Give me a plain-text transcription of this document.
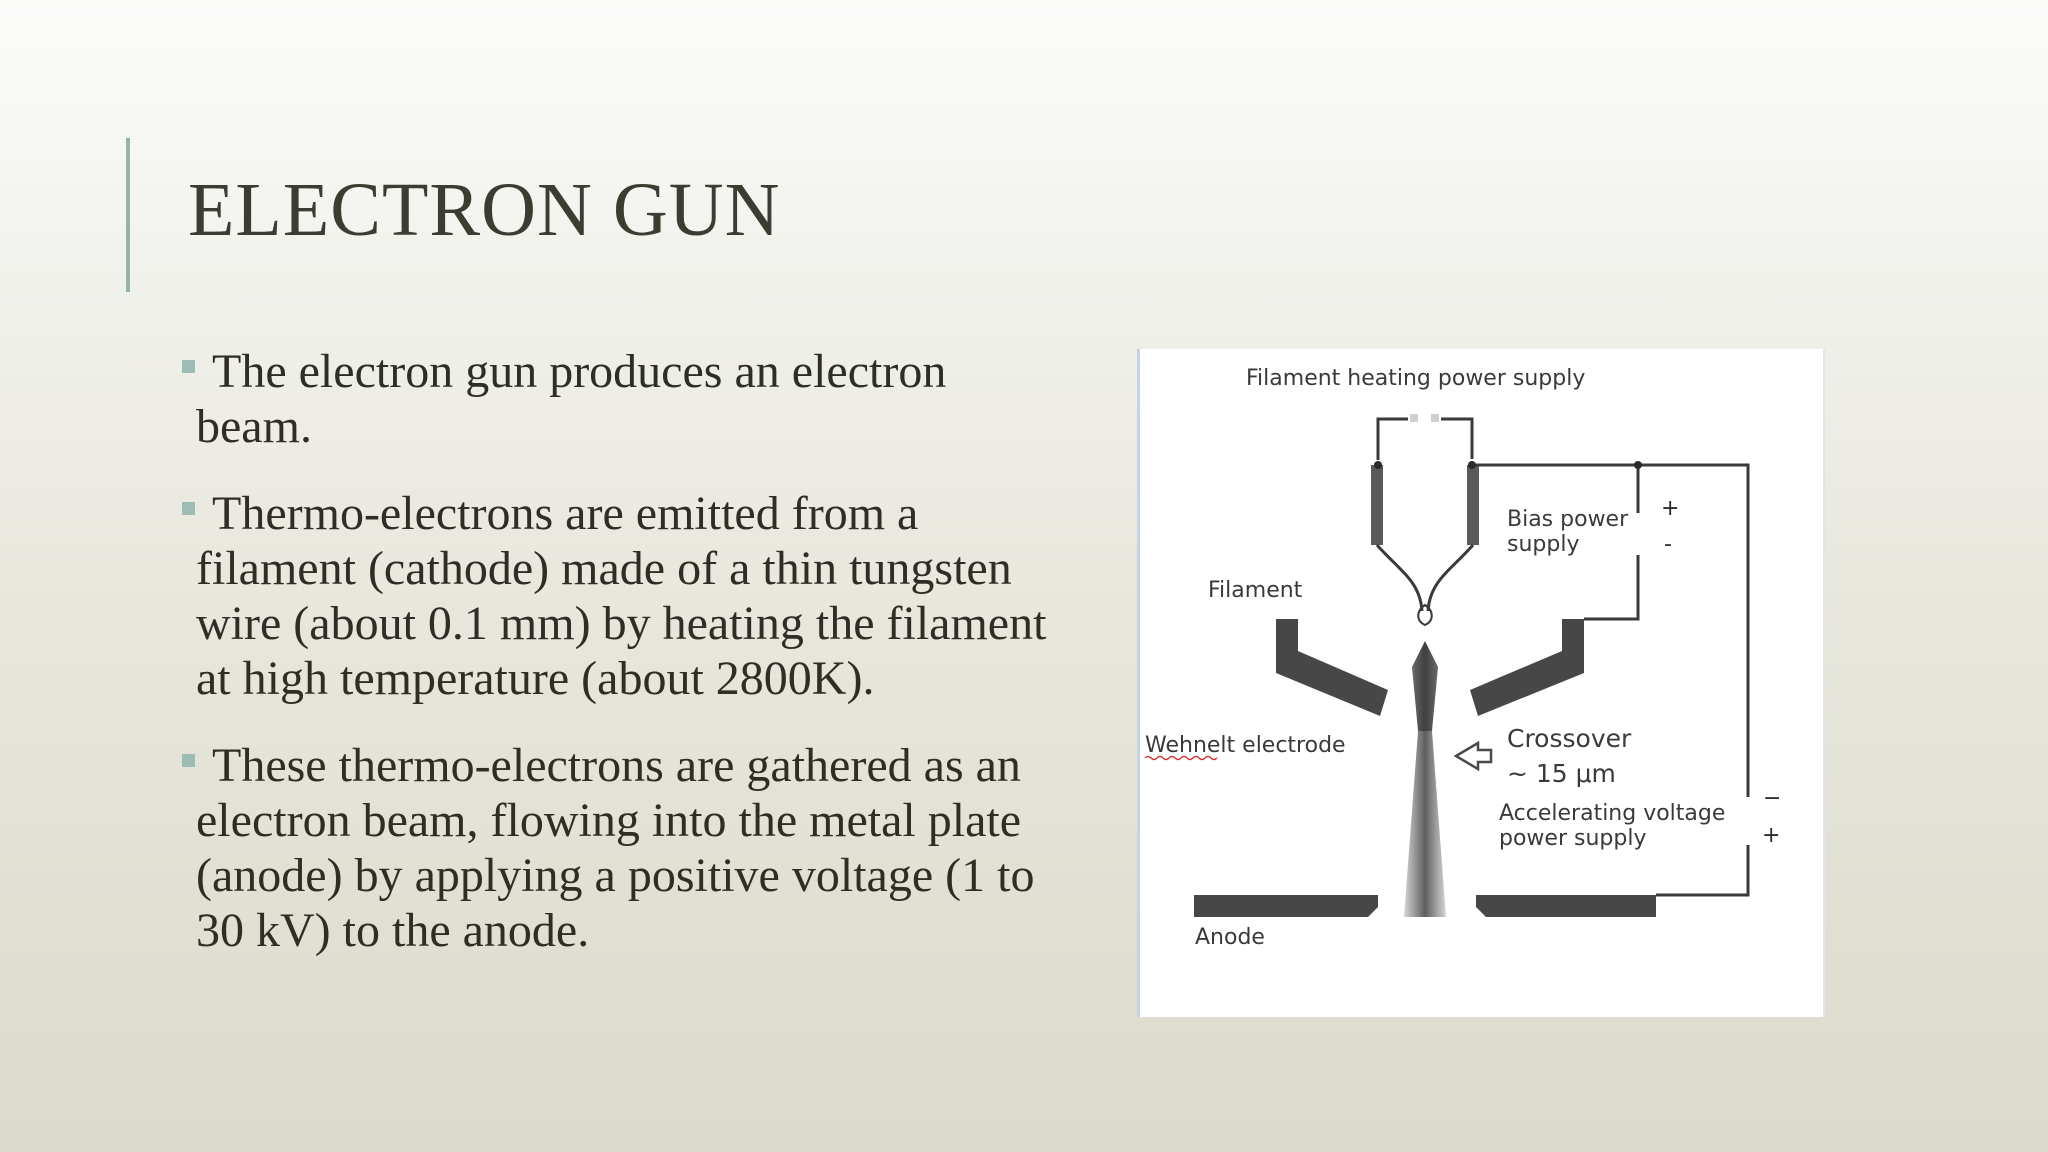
ELECTRON GUN
The electron gun produces an electron beam.
Thermo-electrons are emitted from a filament (cathode) made of a thin tungsten wire (about 0.1 mm) by heating the filament at high temperature (about 2800K).
These thermo-electrons are gathered as an electron beam, flowing into the metal plate (anode) by applying a positive voltage (1 to 30 kV) to the anode.
Filament heating power supply
Bias power
supply
+
-
Filament
Wehnelt electrode	Crossover
~ 15 μm
Accelerating voltage
power supply
−
+
Anode
